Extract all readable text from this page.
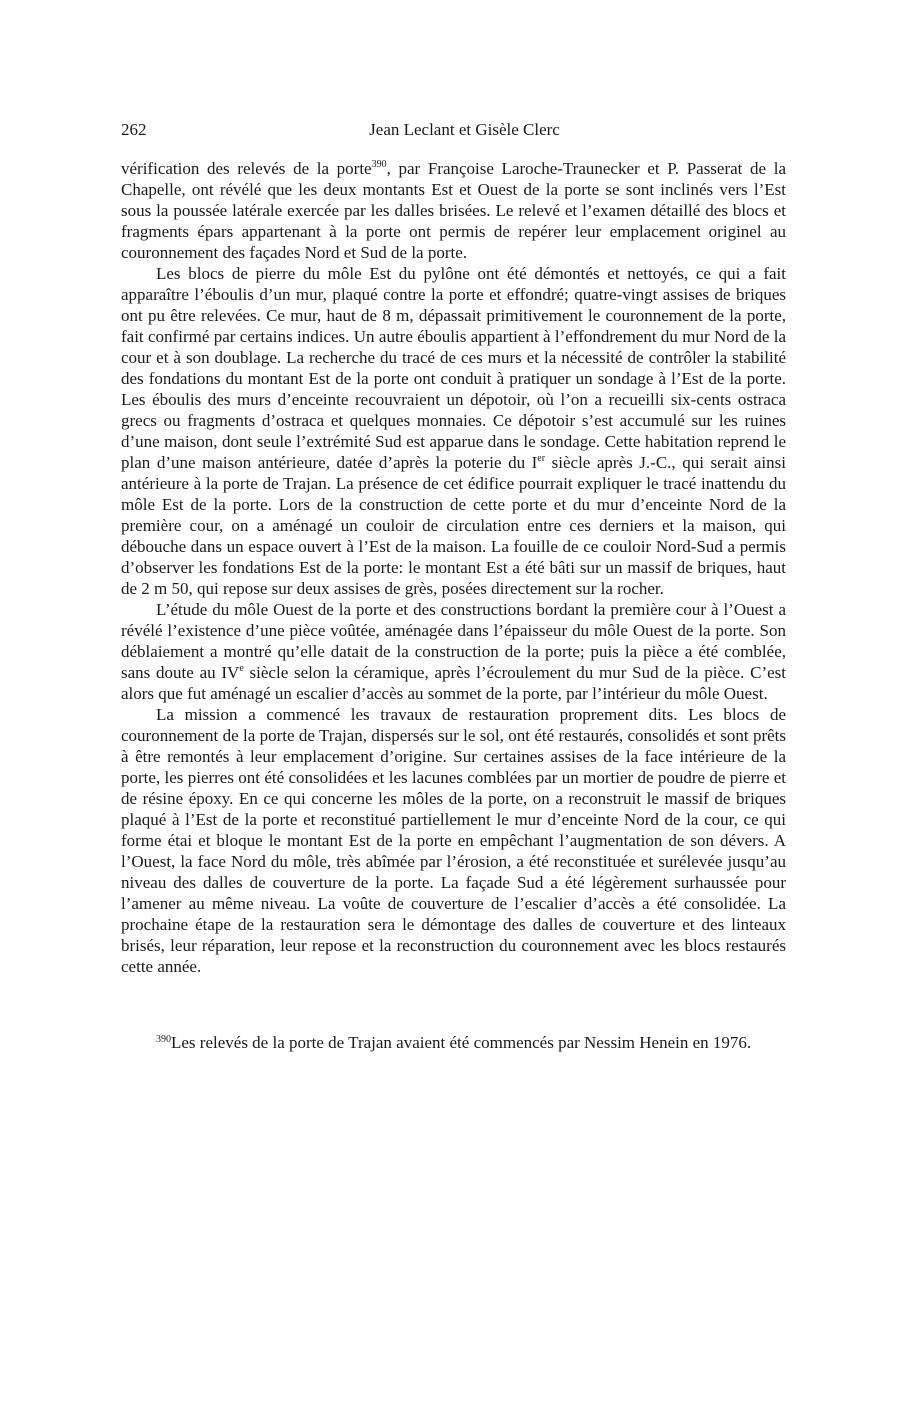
262	Jean Leclant et Gisèle Clerc

vérification des relevés de la porte$^{390}$, par Françoise Laroche-Traunecker et P. Passerat de la Chapelle, ont révélé que les deux montants Est et Ouest de la porte se sont inclinés vers l’Est sous la poussée latérale exercée par les dalles brisées. Le relevé et l’examen détaillé des blocs et fragments épars appartenant à la porte ont permis de repérer leur emplacement originel au couronnement des façades Nord et Sud de la porte.

Les blocs de pierre du môle Est du pylône ont été démontés et nettoyés, ce qui a fait apparaître l’éboulis d’un mur, plaqué contre la porte et effondré; quatre-vingt assises de briques ont pu être relevées. Ce mur, haut de 8 m, dépassait primitivement le couronnement de la porte, fait confirmé par certains indices. Un autre éboulis appartient à l’effondrement du mur Nord de la cour et à son doublage. La recherche du tracé de ces murs et la nécessité de contrôler la stabilité des fondations du montant Est de la porte ont conduit à pratiquer un sondage à l’Est de la porte. Les éboulis des murs d’enceinte recouvraient un dépotoir, où l’on a recueilli six-cents ostraca grecs ou fragments d’ostraca et quelques monnaies. Ce dépotoir s’est accumulé sur les ruines d’une maison, dont seule l’extrémité Sud est apparue dans le sondage. Cette habitation reprend le plan d’une maison antérieure, datée d’après la poterie du Ier siècle après J.-C., qui serait ainsi antérieure à la porte de Trajan. La présence de cet édifice pourrait expliquer le tracé inattendu du môle Est de la porte. Lors de la construction de cette porte et du mur d’enceinte Nord de la première cour, on a aménagé un couloir de circulation entre ces derniers et la maison, qui débouche dans un espace ouvert à l’Est de la maison. La fouille de ce couloir Nord-Sud a permis d’observer les fondations Est de la porte: le montant Est a été bâti sur un massif de briques, haut de 2 m 50, qui repose sur deux assises de grès, posées directement sur la rocher.

L’étude du môle Ouest de la porte et des constructions bordant la première cour à l’Ouest a révélé l’existence d’une pièce voûtée, aménagée dans l’épaisseur du môle Ouest de la porte. Son déblaiement a montré qu’elle datait de la construction de la porte; puis la pièce a été comblée, sans doute au IVe siècle selon la céramique, après l’écroulement du mur Sud de la pièce. C’est alors que fut aménagé un escalier d’accès au sommet de la porte, par l’intérieur du môle Ouest.

La mission a commencé les travaux de restauration proprement dits. Les blocs de couronnement de la porte de Trajan, dispersés sur le sol, ont été restaurés, consolidés et sont prêts à être remontés à leur emplacement d’origine. Sur certaines assises de la face intérieure de la porte, les pierres ont été consolidées et les lacunes comblées par un mortier de poudre de pierre et de résine époxy. En ce qui concerne les môles de la porte, on a reconstruit le massif de briques plaqué à l’Est de la porte et reconstitué partiellement le mur d’enceinte Nord de la cour, ce qui forme étai et bloque le montant Est de la porte en empêchant l’augmentation de son dévers. A l’Ouest, la face Nord du môle, très abîmée par l’érosion, a été reconstituée et surélevée jusqu’au niveau des dalles de couverture de la porte. La façade Sud a été légèrement surhaussée pour l’amener au même niveau. La voûte de couverture de l’escalier d’accès a été consolidée. La prochaine étape de la restauration sera le démontage des dalles de couverture et des linteaux brisés, leur réparation, leur repose et la reconstruction du couronnement avec les blocs restaurés cette année.

$^{390}$Les relevés de la porte de Trajan avaient été commencés par Nessim Henein en 1976.
